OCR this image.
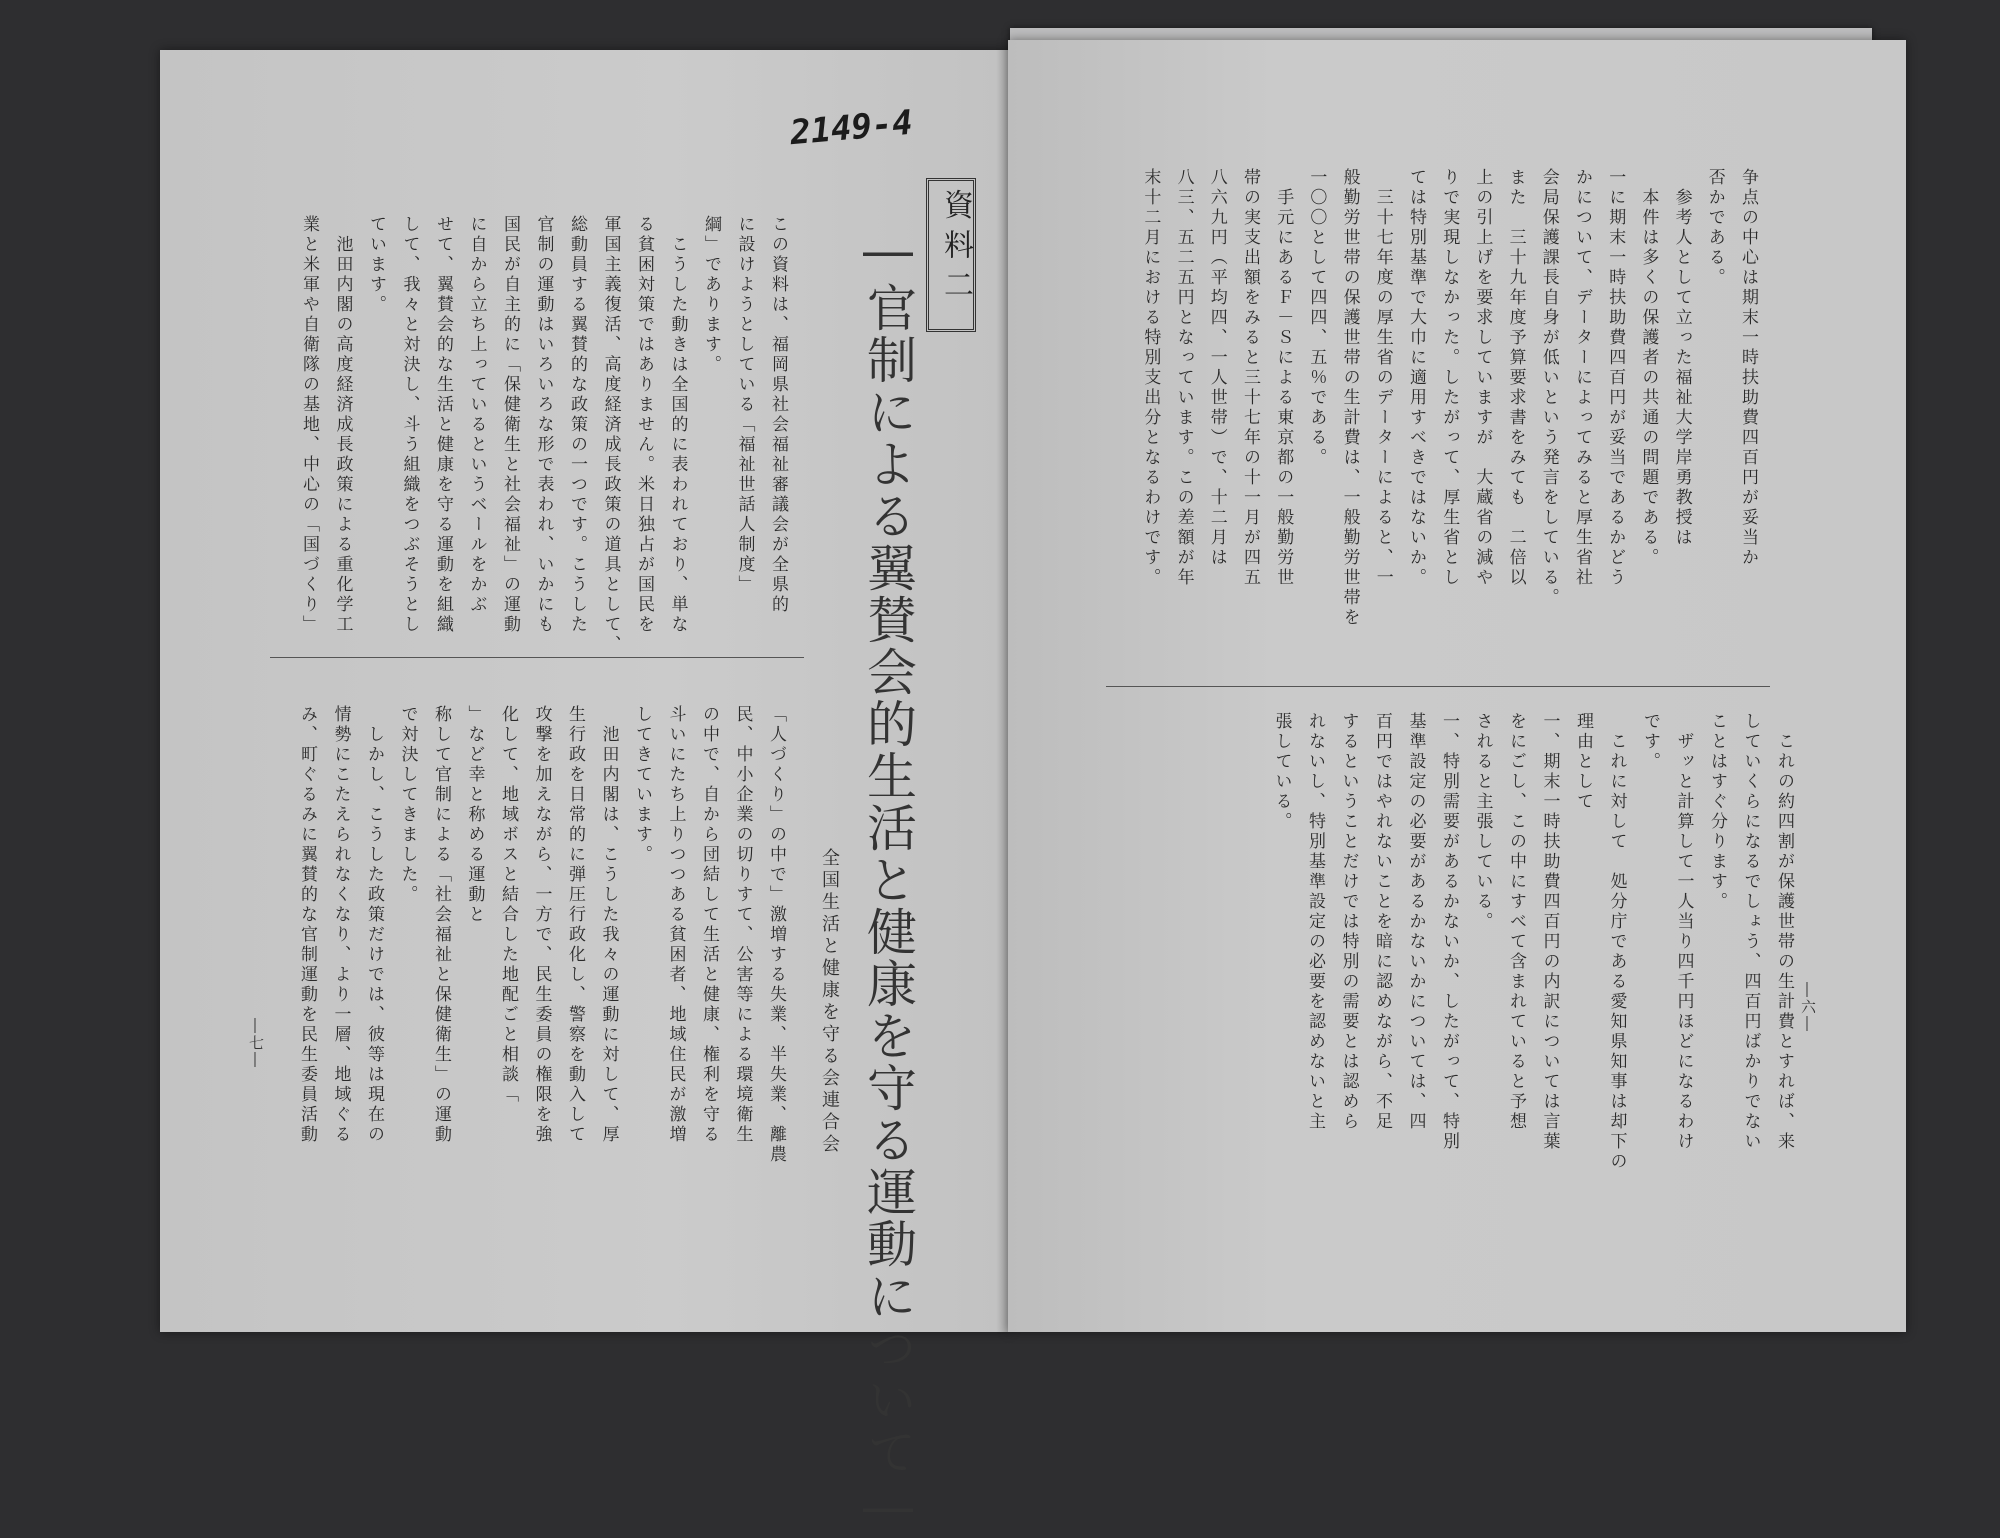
2149-4
資料二
―官制による翼賛会的生活と健康を守る運動について―
全国生活と健康を守る会連合会
この資料は、福岡県社会福祉審議会が全県的
に設けようとしている「福祉世話人制度」
綱」であります。
　こうした動きは全国的に表われており、単な
る貧困対策ではありません。米日独占が国民を
軍国主義復活、高度経済成長政策の道具として、
総動員する翼賛的な政策の一つです。こうした
官制の運動はいろいろな形で表われ、いかにも
国民が自主的に「保健衛生と社会福祉」の運動
に自から立ち上っているというベールをかぶ
せて、翼賛会的な生活と健康を守る運動を組織
して、我々と対決し、斗う組織をつぶそうとし
ています。
　池田内閣の高度経済成長政策による重化学工
業と米軍や自衛隊の基地、中心の「国づくり」
「人づくり」の中で」激増する失業、半失業、離農
民、中小企業の切りすて、公害等による環境衛生
の中で、自から団結して生活と健康、権利を守る
斗いにたち上りつつある貧困者、地域住民が激増
してきています。
　池田内閣は、こうした我々の運動に対して、厚
生行政を日常的に弾圧行政化し、警察を動入して
攻撃を加えながら、一方で、民生委員の権限を強
化して、地域ボスと結合した地配ごと相談「
」など幸と称める運動と
称して官制による「社会福祉と保健衛生」の運動
で対決してきました。
　しかし、こうした政策だけでは、彼等は現在の
情勢にこたえられなくなり、より一層、地域ぐる
み、町ぐるみに翼賛的な官制運動を民生委員活動
―七―
争点の中心は期末一時扶助費四百円が妥当か
否かである。
　参考人として立った福祉大学岸勇教授は
　本件は多くの保護者の共通の問題である。
一に期末一時扶助費四百円が妥当であるかどう
かについて、データーによってみると厚生省社
会局保護課長自身が低いという発言をしている。
また　三十九年度予算要求書をみても　二倍以
上の引上げを要求していますが　大蔵省の減や
りで実現しなかった。したがって、厚生省とし
ては特別基準で大巾に適用すべきではないか。
　三十七年度の厚生省のデーターによると、一
般勤労世帯の保護世帯の生計費は、一般勤労世帯を
一〇〇として四四、五％である。
　手元にあるＦ－Ｓによる東京都の一般勤労世
帯の実支出額をみると三十七年の十一月が四五
八六九円（平均四、一人世帯）で、十二月は
八三、五二五円となっています。この差額が年
末十二月における特別支出分となるわけです。
　これの約四割が保護世帯の生計費とすれば、来
していくらになるでしょう、四百円ばかりでない
ことはすぐ分ります。
　ザッと計算して一人当り四千円ほどになるわけ
です。
　これに対して　処分庁である愛知県知事は却下の
理由として
一、期末一時扶助費四百円の内訳については言葉
をにごし、この中にすべて含まれていると予想
されると主張している。
一、特別需要があるかないか、したがって、特別
基準設定の必要があるかないかについては、四
百円ではやれないことを暗に認めながら、不足
するということだけでは特別の需要とは認めら
れないし、特別基準設定の必要を認めないと主
張している。
―六―
